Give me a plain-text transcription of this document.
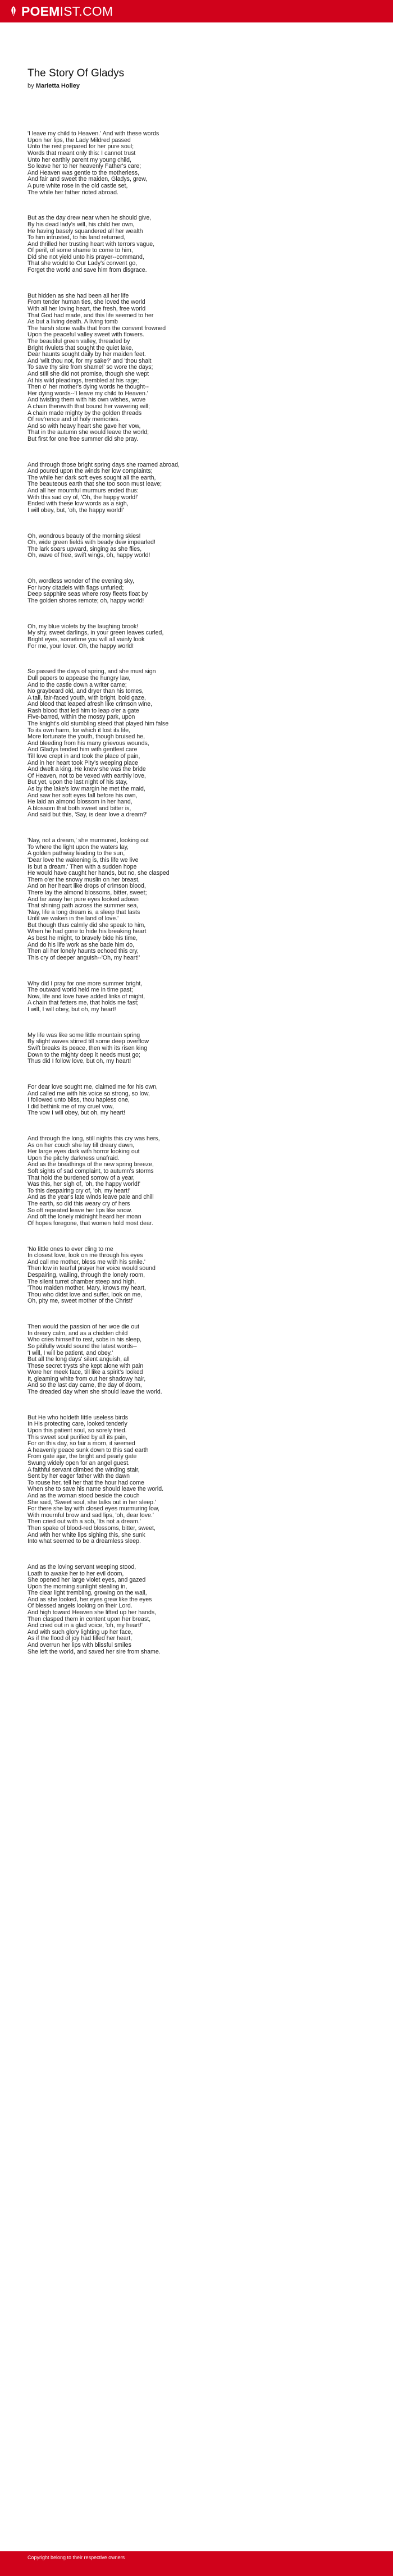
POEMIST.COM
The Story Of Gladys
by Marietta Holley

'I leave my child to Heaven.' And with these words
Upon her lips, the Lady Mildred passed
Unto the rest prepared for her pure soul;
Words that meant only this: I cannot trust
Unto her earthly parent my young child,
So leave her to her heavenly Father's care;
And Heaven was gentle to the motherless,
And fair and sweet the maiden, Gladys, grew,
A pure white rose in the old castle set,
The while her father rioted abroad.

But as the day drew near when he should give,
By his dead lady's will, his child her own,
He having basely squandered all her wealth
To him intrusted, to his land returned,
And thrilled her trusting heart with terrors vague,
Of peril, of some shame to come to him,
Did she not yield unto his prayer--command,
That she would to Our Lady's convent go,
Forget the world and save him from disgrace.

But hidden as she had been all her life
From tender human ties, she loved the world
With all her loving heart, the fresh, free world
That God had made, and this life seemed to her
As but a living death. A living tomb
The harsh stone walls that from the convent frowned
Upon the peaceful valley sweet with flowers.
The beautiful green valley, threaded by
Bright rivulets that sought the quiet lake,
Dear haunts sought daily by her maiden feet.
And 'wilt thou not, for my sake?' and 'thou shalt
To save thy sire from shame!' so wore the days;
And still she did not promise, though she wept
At his wild pleadings, trembled at his rage;
Then o' her mother's dying words he thought--
Her dying words--'I leave my child to Heaven.'
And twisting them with his own wishes, wove
A chain therewith that bound her wavering will;
A chain made mighty by the golden threads
Of rev'rence and of holy memories.
And so with heavy heart she gave her vow,
That in the autumn she would leave the world;
But first for one free summer did she pray.

And through those bright spring days she roamed abroad,
And poured upon the winds her low complaints;
The while her dark soft eyes sought all the earth,
The beauteous earth that she too soon must leave;
And all her mournful murmurs ended thus:
With this sad cry of, 'Oh, the happy world!'
Ended with these low words as a sigh,
I will obey, but, 'oh, the happy world!'

Oh, wondrous beauty of the morning skies!
Oh, wide green fields with beady dew impearled!
The lark soars upward, singing as she flies,
Oh, wave of free, swift wings, oh, happy world!

Oh, wordless wonder of the evening sky,
For ivory citadels with flags unfurled;
Deep sapphire seas where rosy fleets float by
The golden shores remote; oh, happy world!

Oh, my blue violets by the laughing brook!
My shy, sweet darlings, in your green leaves curled,
Bright eyes, sometime you will all vainly look
For me, your lover. Oh, the happy world!

So passed the days of spring, and she must sign
Dull papers to appease the hungry law,
And to the castle down a writer came;
No graybeard old, and dryer than his tomes,
A tall, fair-faced youth, with bright, bold gaze,
And blood that leaped afresh like crimson wine,
Rash blood that led him to leap o'er a gate
Five-barred, within the mossy park, upon
The knight's old stumbling steed that played him false
To its own harm, for which it lost its life,
More fortunate the youth, though bruised he,
And bleeding from his many grievous wounds,
And Gladys tended him with gentlest care
Till love crept in and took the place of pain,
And in her heart took Pity's weeping place
And dwelt a king. He knew she was the bride
Of Heaven, not to be vexed with earthly love,
But yet, upon the last night of his stay,
As by the lake's low margin he met the maid,
And saw her soft eyes fall before his own,
He laid an almond blossom in her hand,
A blossom that both sweet and bitter is,
And said but this, 'Say, is dear love a dream?'

'Nay, not a dream,' she murmured, looking out
To where the light upon the waters lay,
A golden pathway leading to the sun,
'Dear love the wakening is, this life we live
Is but a dream.' Then with a sudden hope
He would have caught her hands, but no, she clasped
Them o'er the snowy muslin on her breast,
And on her heart like drops of crimson blood,
There lay the almond blossoms, bitter, sweet;
And far away her pure eyes looked adown
That shining path across the summer sea,
'Nay, life a long dream is, a sleep that lasts
Until we waken in the land of love.'
But though thus calmly did she speak to him,
When he had gone to hide his breaking heart
As best he might, to bravely bide his time,
And do his life work as she bade him do,
Then all her lonely haunts echoed this cry,
This cry of deeper anguish--'Oh, my heart!'

Why did I pray for one more summer bright,
The outward world held me in time past;
Now, life and love have added links of might,
A chain that fetters me, that holds me fast;
I will, I will obey, but oh, my heart!

My life was like some little mountain spring
By slight waves stirred till some deep overflow
Swift breaks its peace, then with its risen king
Down to the mighty deep it needs must go;
Thus did I follow love, but oh, my heart!

For dear love sought me, claimed me for his own,
And called me with his voice so strong, so low,
I followed unto bliss, thou hapless one,
I did bethink me of my cruel vow,
The vow I will obey, but oh, my heart!

And through the long, still nights this cry was hers,
As on her couch she lay till dreary dawn,
Her large eyes dark with horror looking out
Upon the pitchy darkness unafraid.
And as the breathings of the new spring breeze,
Soft sights of sad complaint, to autumn's storms
That hold the burdened sorrow of a year,
Was this, her sigh of, 'oh, the happy world!'
To this despairing cry of, 'oh, my heart!'
And as the year's late winds leave pale and chill
The earth, so did this weary cry of hers
So oft repeated leave her lips like snow.
And oft the lonely midnight heard her moan
Of hopes foregone, that women hold most dear.

'No little ones to ever cling to me
In closest love, look on me through his eyes
And call me mother, bless me with his smile.'
Then low in tearful prayer her voice would sound
Despairing, wailing, through the lonely room,
The silent turret chamber steep and high,
'Thou maiden mother, Mary, knows my heart,
Thou who didst love and suffer, look on me,
Oh, pity me, sweet mother of the Christ!'

Then would the passion of her woe die out
In dreary calm, and as a chidden child
Who cries himself to rest, sobs in his sleep,
So pitifully would sound the latest words--
'I will, I will be patient, and obey.'
But all the long days' silent anguish, all
These secret trysts she kept alone with pain
Wore her meek face, till like a spirit's looked
It, gleaming white from out her shadowy hair,
And so the last day came, the day of doom,
The dreaded day when she should leave the world.

But He who holdeth little useless birds
In His protecting care, looked tenderly
Upon this patient soul, so sorely tried.
This sweet soul purified by all its pain,
For on this day, so fair a morn, it seemed
A heavenly peace sunk down to this sad earth
From gate ajar, the bright and pearly gate
Swung widely open for an angel guest.
A faithful servant climbed the winding stair,
Sent by her eager father with the dawn
To rouse her, tell her that the hour had come
When she to save his name should leave the world.
And as the woman stood beside the couch
She said, 'Sweet soul, she talks out in her sleep.'
For there she lay with closed eyes murmuring low,
With mournful brow and sad lips, 'oh, dear love.'
Then cried out with a sob, 'Its not a dream.'
Then spake of blood-red blossoms, bitter, sweet,
And with her white lips sighing this, she sunk
Into what seemed to be a dreamless sleep.

And as the loving servant weeping stood,
Loath to awake her to her evil doom,
She opened her large violet eyes, and gazed
Upon the morning sunlight stealing in,
The clear light trembling, growing on the wall,
And as she looked, her eyes grew like the eyes
Of blessed angels looking on their Lord.
And high toward Heaven she lifted up her hands,
Then clasped them in content upon her breast,
And cried out in a glad voice, 'oh, my heart!'
And with such glory lighting up her face,
As if the flood of joy had filled her heart,
And overrun her lips with blissful smiles
She left the world, and saved her sire from shame.

Copyright belong to their respective owners
